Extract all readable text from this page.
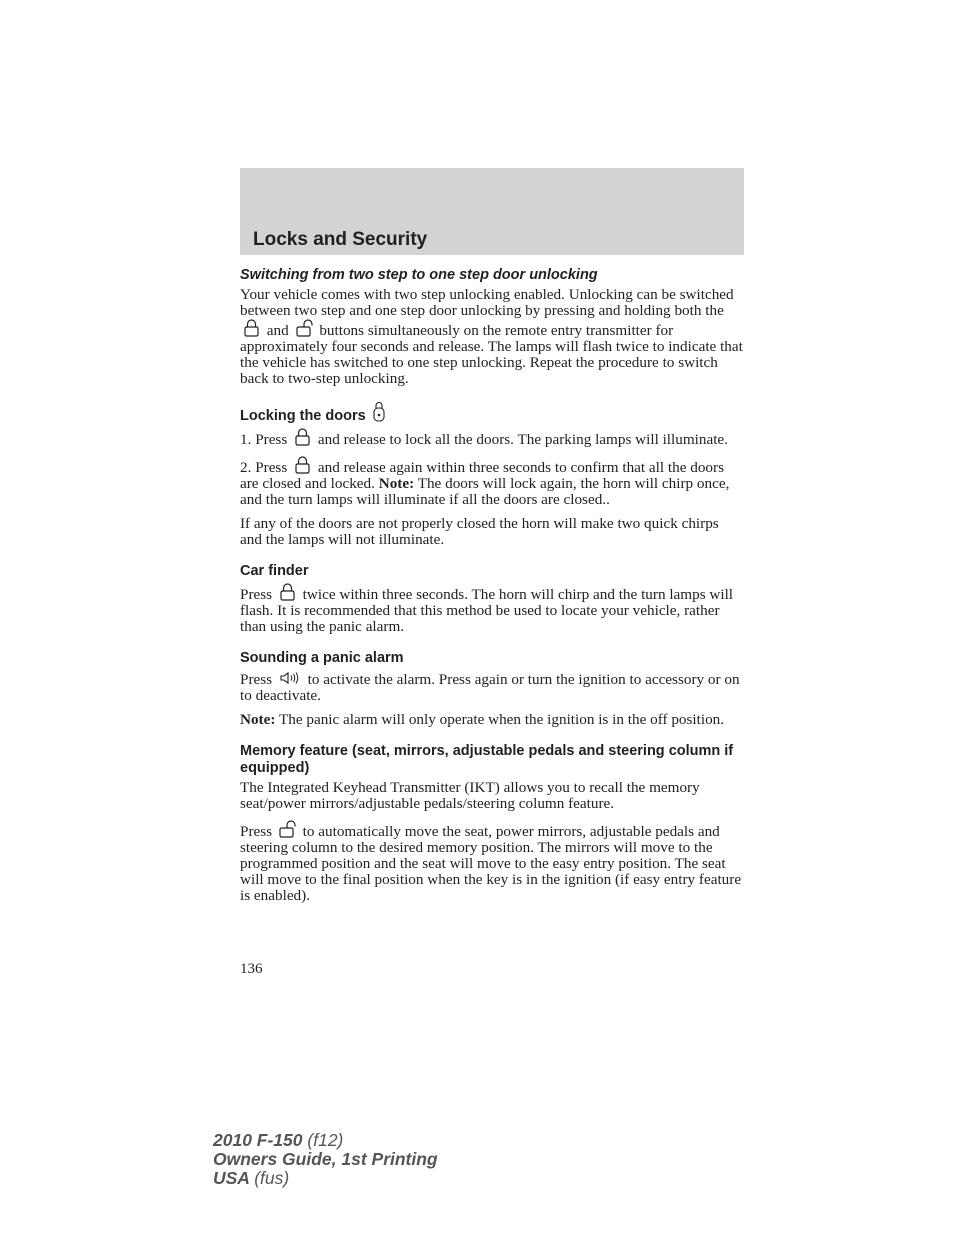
Locks and Security
Switching from two step to one step door unlocking

Your vehicle comes with two step unlocking enabled. Unlocking can be switched between two step and one step door unlocking by pressing and holding both the
and buttons simultaneously on the remote entry transmitter for approximately four seconds and release. The lamps will flash twice to indicate that the vehicle has switched to one step unlocking. Repeat the procedure to switch back to two-step unlocking.

Locking the doors

1. Press and release to lock all the doors. The parking lamps will illuminate.

2. Press and release again within three seconds to confirm that all the doors are closed and locked. Note: The doors will lock again, the horn will chirp once, and the turn lamps will illuminate if all the doors are closed..

If any of the doors are not properly closed the horn will make two quick chirps and the lamps will not illuminate.

Car finder

Press twice within three seconds. The horn will chirp and the turn lamps will flash. It is recommended that this method be used to locate your vehicle, rather than using the panic alarm.

Sounding a panic alarm

Press to activate the alarm. Press again or turn the ignition to accessory or on to deactivate.

Note: The panic alarm will only operate when the ignition is in the off position.

Memory feature (seat, mirrors, adjustable pedals and steering column if equipped)

The Integrated Keyhead Transmitter (IKT) allows you to recall the memory seat/power mirrors/adjustable pedals/steering column feature.

Press to automatically move the seat, power mirrors, adjustable pedals and steering column to the desired memory position. The mirrors will move to the programmed position and the seat will move to the easy entry position. The seat will move to the final position when the key is in the ignition (if easy entry feature is enabled).

136
2010 F-150 (f12)
Owners Guide, 1st Printing
USA (fus)
